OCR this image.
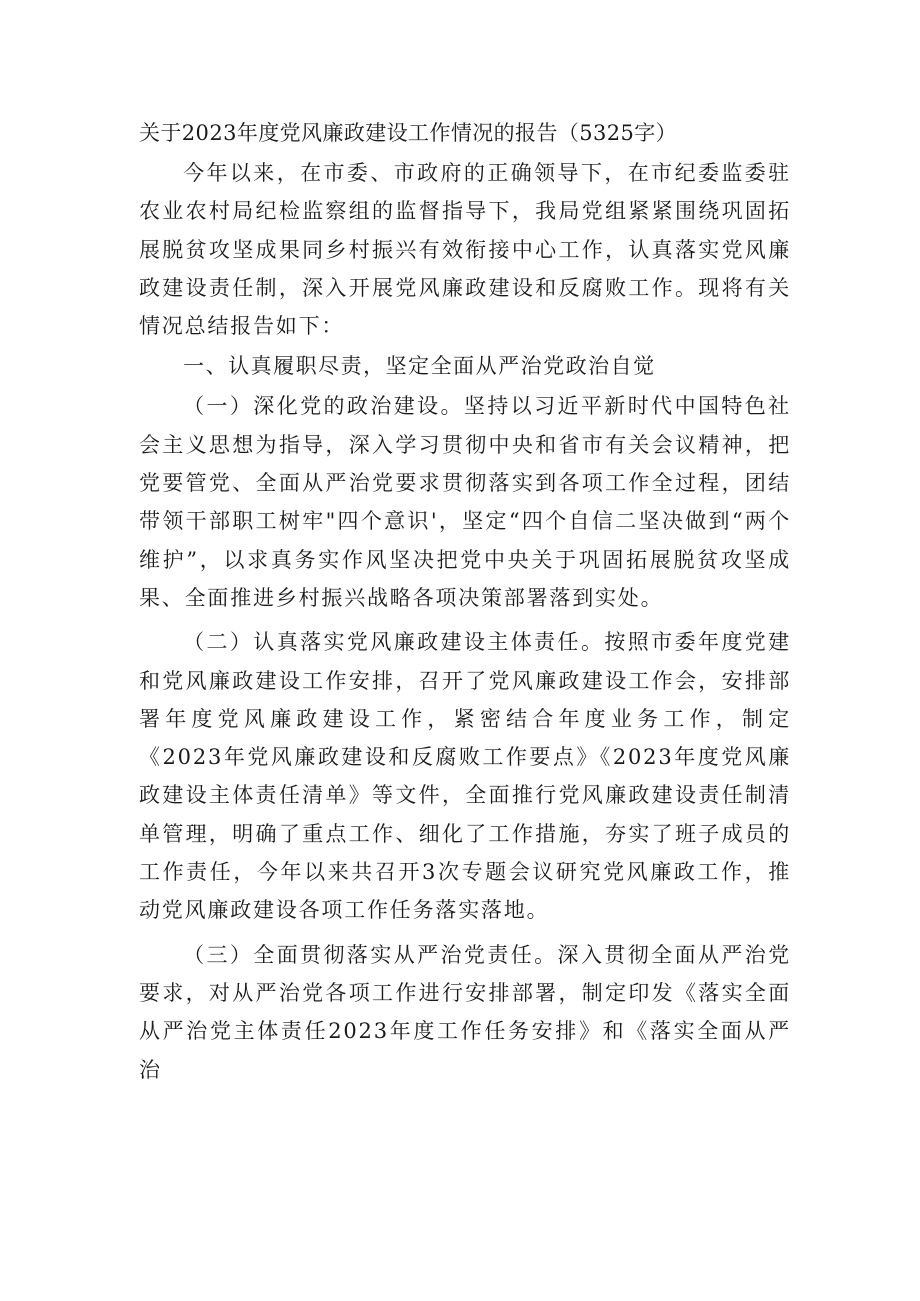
关于2023年度党风廉政建设工作情况的报告（5325字）

今年以来，在市委、市政府的正确领导下，在市纪委监委驻农业农村局纪检监察组的监督指导下，我局党组紧紧围绕巩固拓展脱贫攻坚成果同乡村振兴有效衔接中心工作，认真落实党风廉政建设责任制，深入开展党风廉政建设和反腐败工作。现将有关情况总结报告如下：

一、认真履职尽责，坚定全面从严治党政治自觉

（一）深化党的政治建设。坚持以习近平新时代中国特色社会主义思想为指导，深入学习贯彻中央和省市有关会议精神，把党要管党、全面从严治党要求贯彻落实到各项工作全过程，团结带领干部职工树牢"四个意识'，坚定“四个自信二坚决做到“两个维护”，以求真务实作风坚决把党中央关于巩固拓展脱贫攻坚成果、全面推进乡村振兴战略各项决策部署落到实处。

（二）认真落实党风廉政建设主体责任。按照市委年度党建和党风廉政建设工作安排，召开了党风廉政建设工作会，安排部署年度党风廉政建设工作，紧密结合年度业务工作，制定《2023年党风廉政建设和反腐败工作要点》《2023年度党风廉政建设主体责任清单》等文件，全面推行党风廉政建设责任制清单管理，明确了重点工作、细化了工作措施，夯实了班子成员的工作责任，今年以来共召开3次专题会议研究党风廉政工作，推动党风廉政建设各项工作任务落实落地。

（三）全面贯彻落实从严治党责任。深入贯彻全面从严治党要求，对从严治党各项工作进行安排部署，制定印发《落实全面从严治党主体责任2023年度工作任务安排》和《落实全面从严治
